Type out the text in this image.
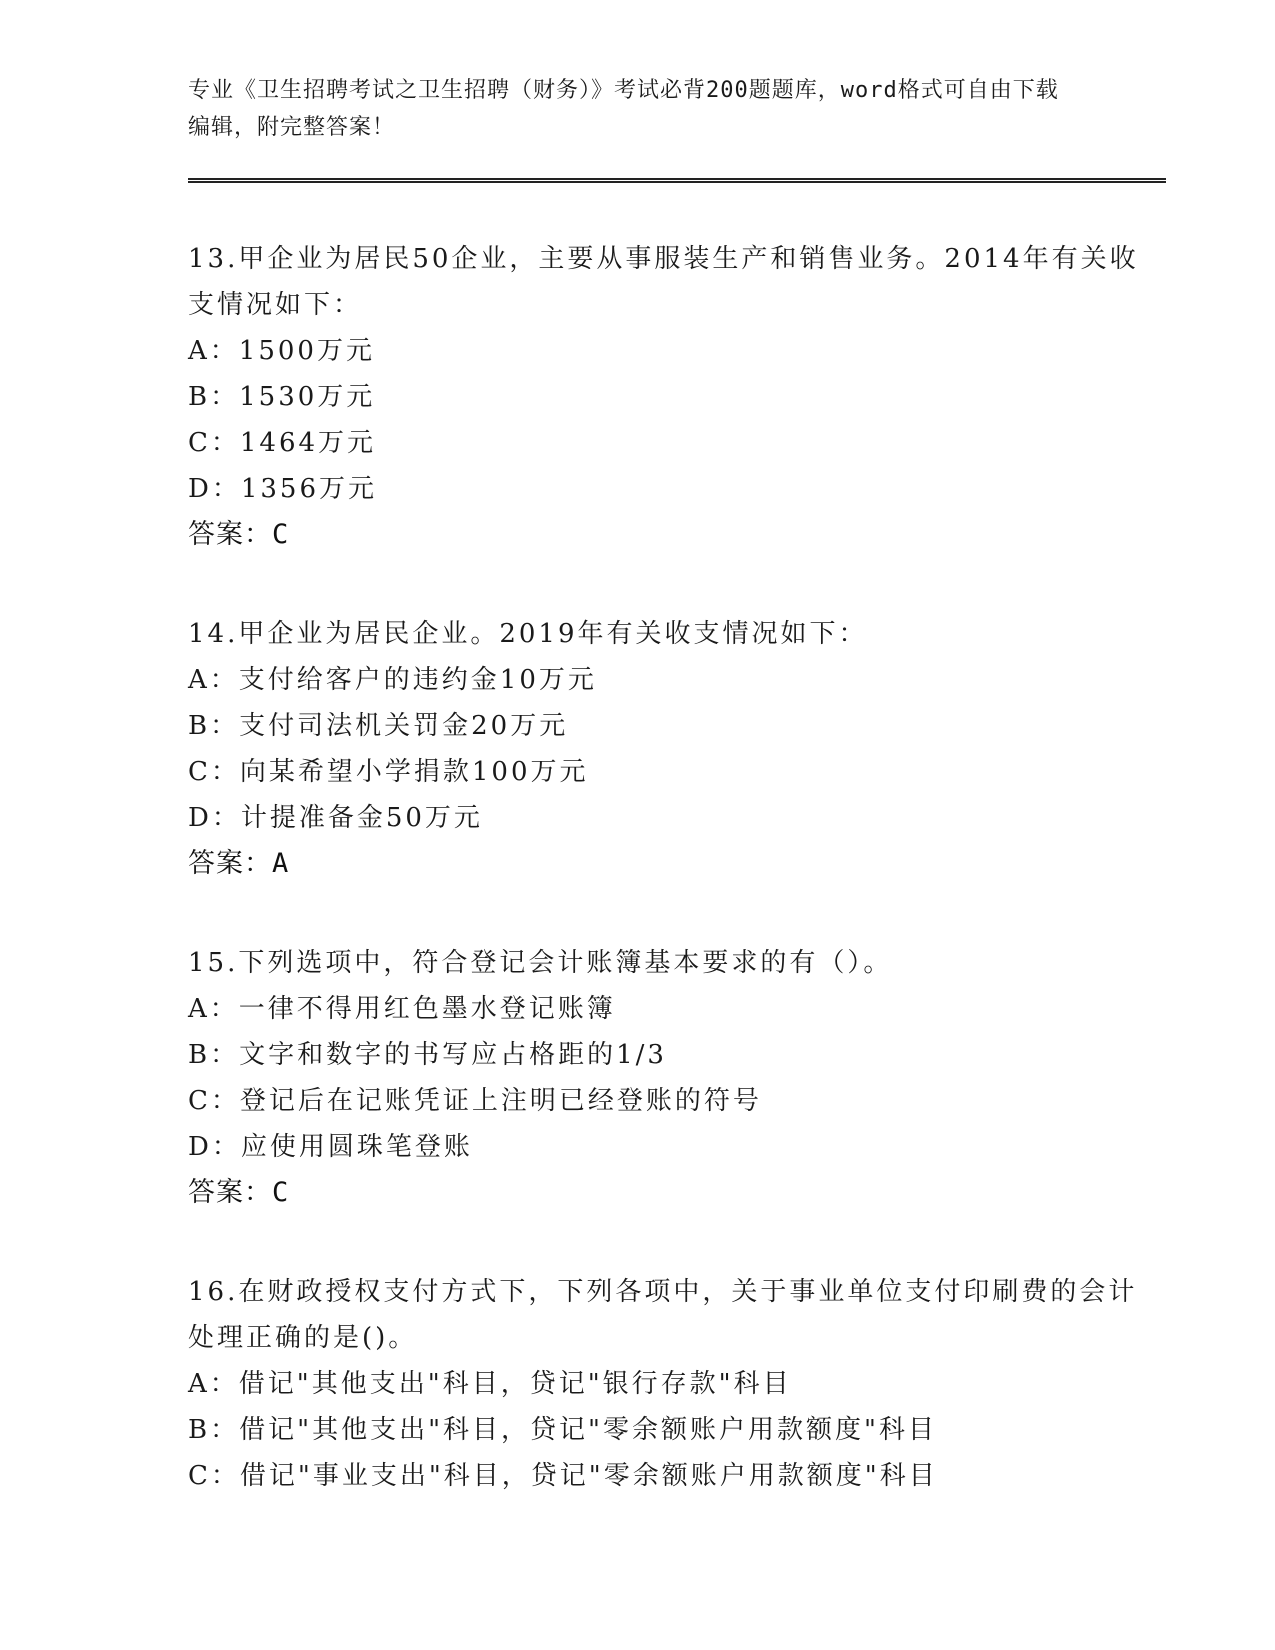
专业《卫生招聘考试之卫生招聘（财务）》考试必背200题题库，word格式可自由下载编辑，附完整答案！
13.甲企业为居民50企业，主要从事服装生产和销售业务。2014年有关收支情况如下：
A：1500万元
B：1530万元
C：1464万元
D：1356万元
答案：C
14.甲企业为居民企业。2019年有关收支情况如下：
A：支付给客户的违约金10万元
B：支付司法机关罚金20万元
C：向某希望小学捐款100万元
D：计提准备金50万元
答案：A
15.下列选项中，符合登记会计账簿基本要求的有（）。
A：一律不得用红色墨水登记账簿
B：文字和数字的书写应占格距的1/3
C：登记后在记账凭证上注明已经登账的符号
D：应使用圆珠笔登账
答案：C
16.在财政授权支付方式下，下列各项中，关于事业单位支付印刷费的会计处理正确的是()。
A：借记"其他支出"科目，贷记"银行存款"科目
B：借记"其他支出"科目，贷记"零余额账户用款额度"科目
C：借记"事业支出"科目，贷记"零余额账户用款额度"科目
